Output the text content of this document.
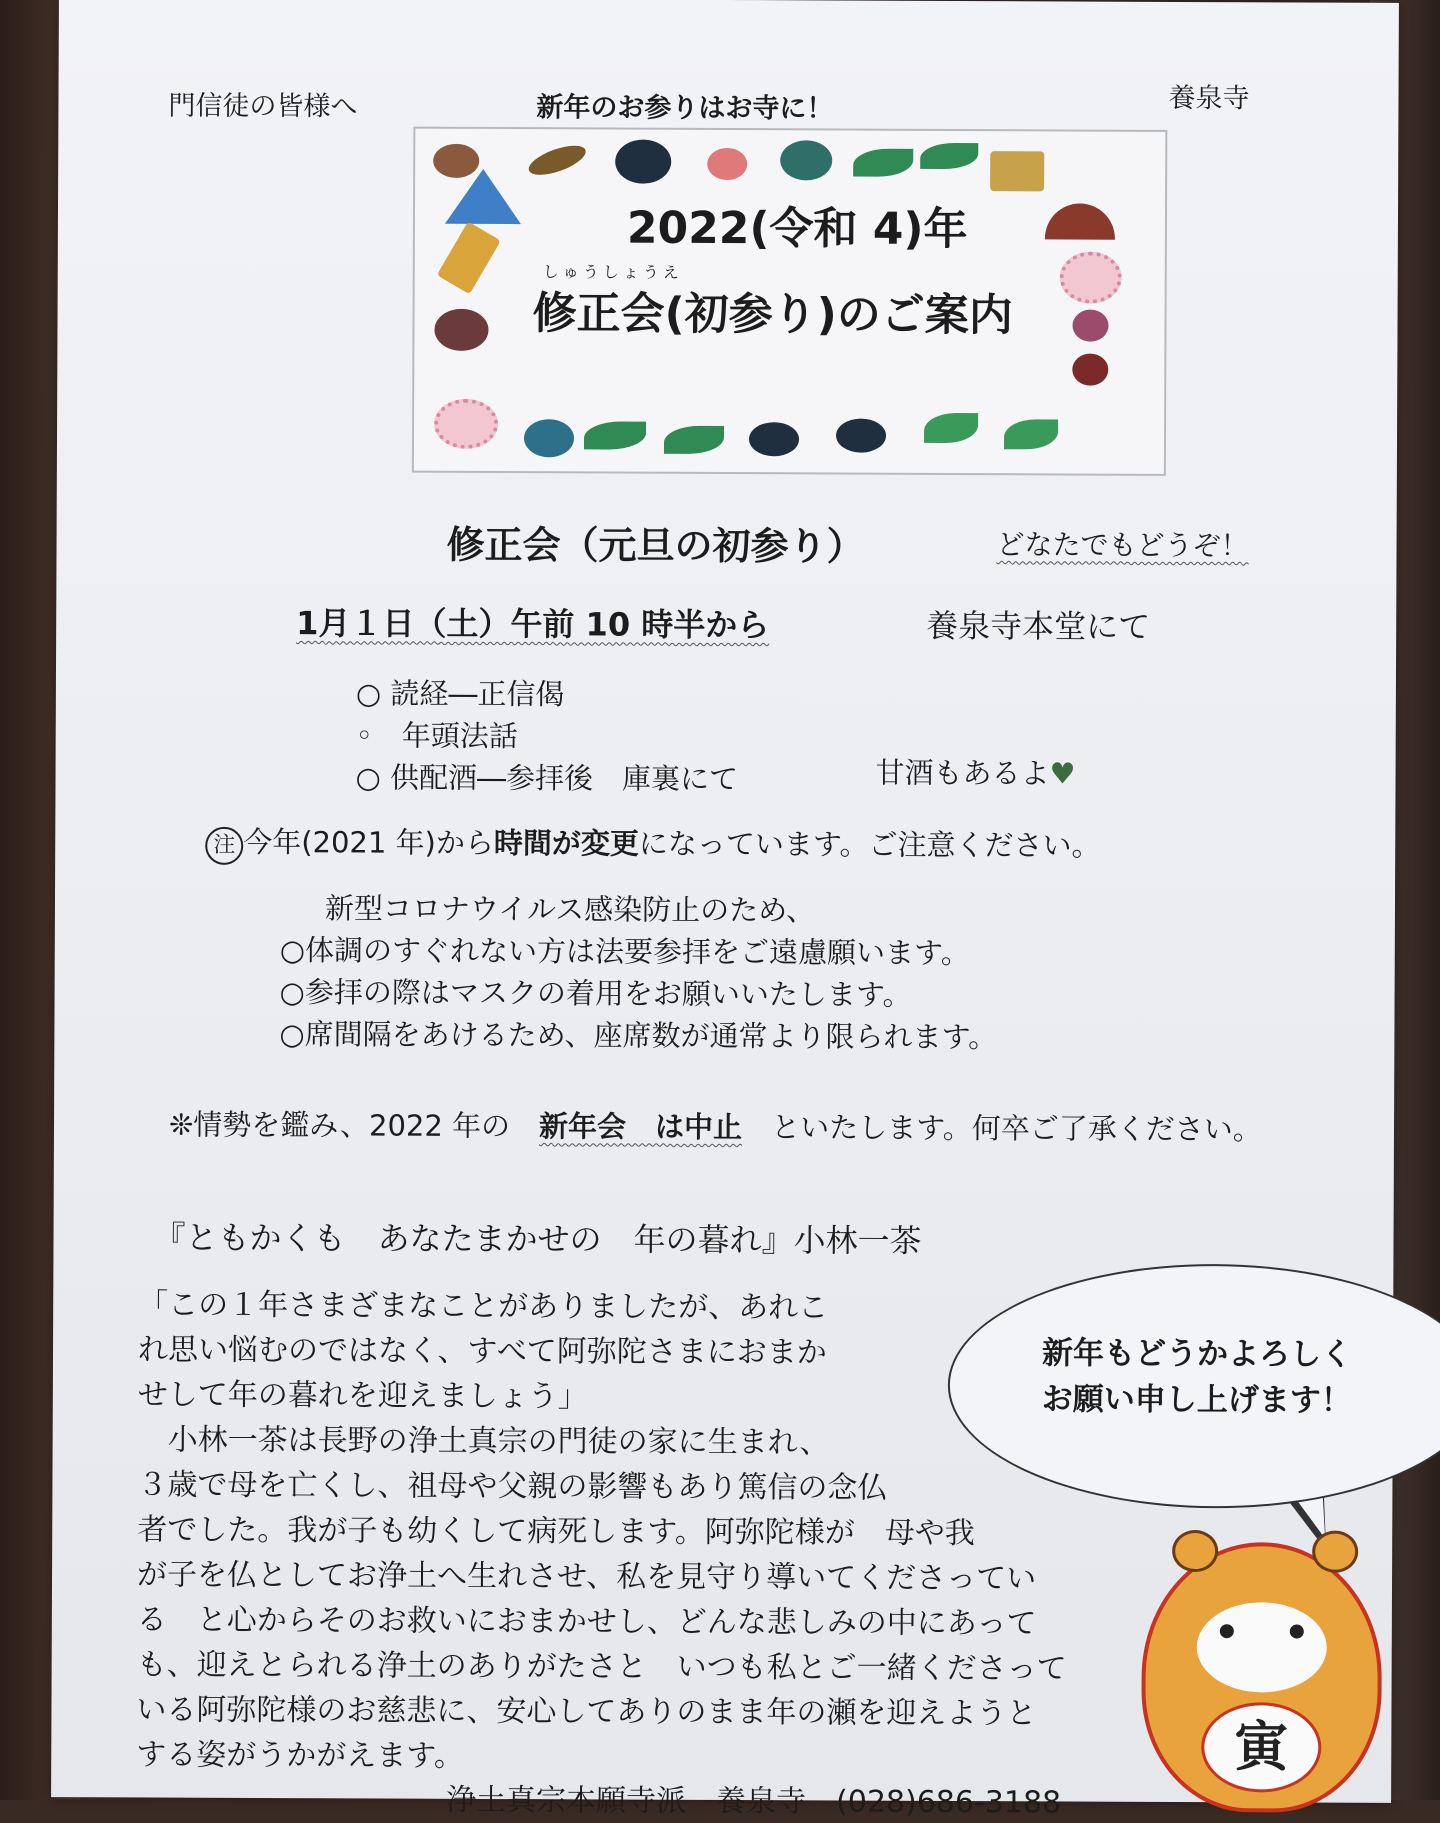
門信徒の皆様へ	新年のお参りはお寺に！	養泉寺
2022(令和 4)年
しゅうしょうえ
修正会(初参り)のご案内
修正会（元旦の初参り）	どなたでもどうぞ！
1月１日（土）午前 10 時半から	養泉寺本堂にて
○ 読経―正信偈
◦　 年頭法話
○ 供配酒―参拝後　庫裏にて	甘酒もあるよ♥
注 今年(2021 年)から時間が変更になっています。ご注意ください。
新型コロナウイルス感染防止のため、
○体調のすぐれない方は法要参拝をご遠慮願います。
○参拝の際はマスクの着用をお願いいたします。
○席間隔をあけるため、座席数が通常より限られます。
❊情勢を鑑み、2022 年の　 新年会　は中止　 といたします。何卒ご了承ください。
『ともかくも　あなたまかせの　年の暮れ』小林一茶
「この１年さまざまなことがありましたが、あれこ
れ思い悩むのではなく、すべて阿弥陀さまにおまか
せして年の暮れを迎えましょう」
　小林一茶は長野の浄土真宗の門徒の家に生まれ、
３歳で母を亡くし、祖母や父親の影響もあり篤信の念仏
者でした。我が子も幼くして病死します。阿弥陀様が　母や我
が子を仏としてお浄土へ生れさせ、私を見守り導いてくださってい
る　と心からそのお救いにおまかせし、どんな悲しみの中にあって
も、迎えとられる浄土のありがたさと　いつも私とご一緒くださって
いる阿弥陀様のお慈悲に、安心してありのまま年の瀬を迎えようと
する姿がうかがえます。
新年もどうかよろしく
お願い申し上げます！
寅
浄土真宗本願寺派　養泉寺　(028)686-3188
